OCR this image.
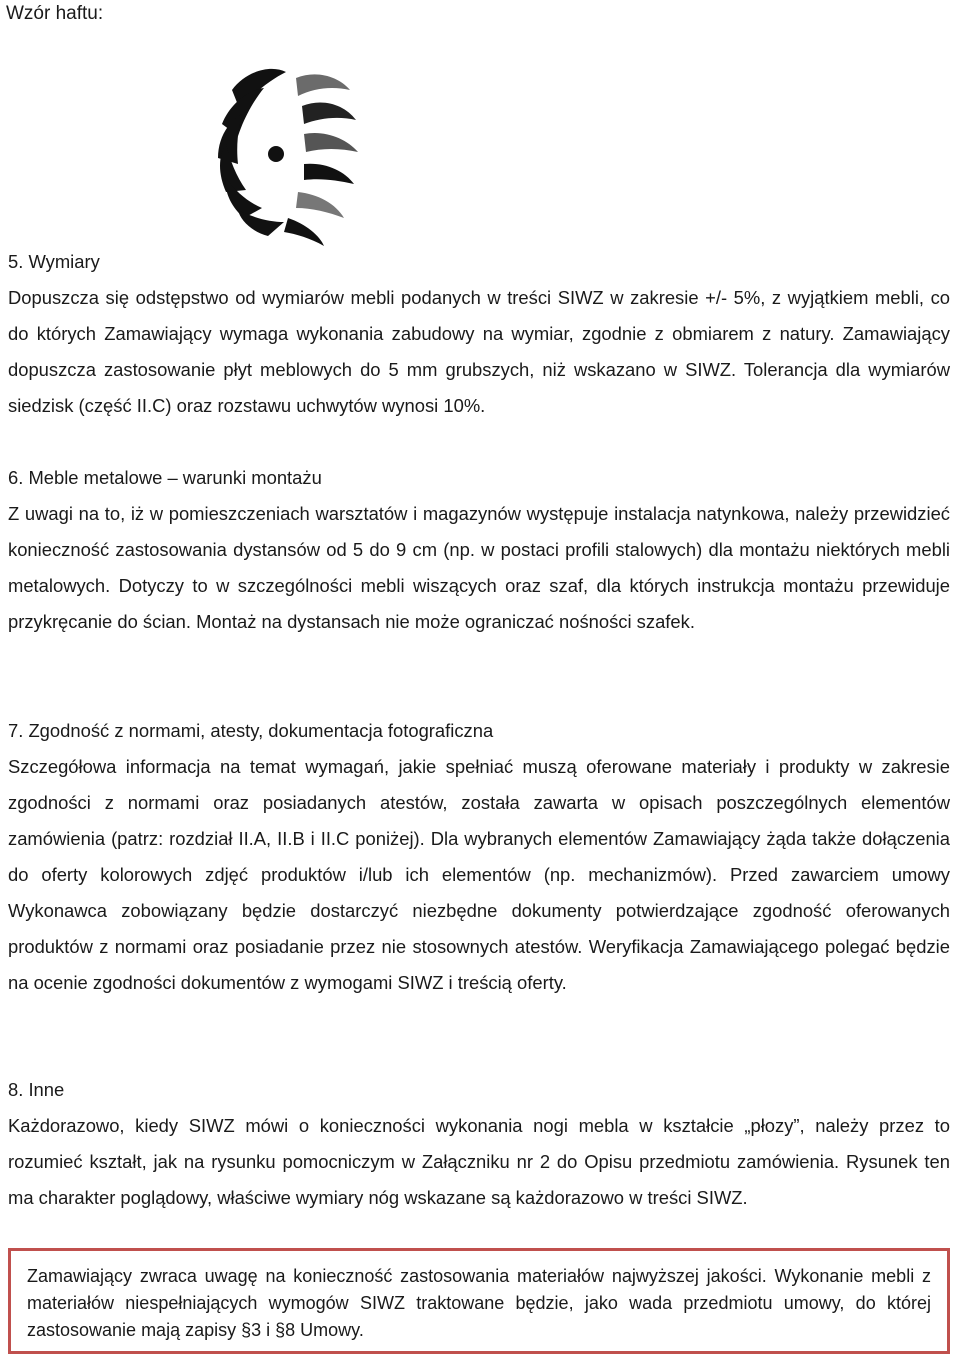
Wzór haftu:
5. Wymiary
Dopuszcza się odstępstwo od wymiarów mebli podanych w treści SIWZ w zakresie +/- 5%, z wyjątkiem mebli, co do których Zamawiający wymaga wykonania zabudowy na wymiar, zgodnie z obmiarem z natury. Zamawiający dopuszcza zastosowanie płyt meblowych do 5 mm grubszych, niż wskazano w SIWZ. Tolerancja dla wymiarów siedzisk (część II.C) oraz rozstawu uchwytów wynosi 10%.
6. Meble metalowe – warunki montażu
Z uwagi na to, iż w pomieszczeniach warsztatów i magazynów występuje instalacja natynkowa, należy przewidzieć konieczność zastosowania dystansów od 5 do 9 cm (np. w postaci profili stalowych) dla montażu niektórych mebli metalowych. Dotyczy to w szczególności mebli wiszących oraz szaf, dla których instrukcja montażu przewiduje przykręcanie do ścian. Montaż na dystansach nie może ograniczać nośności szafek.
7. Zgodność z normami, atesty, dokumentacja fotograficzna
Szczegółowa informacja na temat wymagań, jakie spełniać muszą oferowane materiały i produkty w zakresie zgodności z normami oraz posiadanych atestów, została zawarta w opisach poszczególnych elementów zamówienia (patrz: rozdział II.A, II.B i II.C poniżej). Dla wybranych elementów Zamawiający żąda także dołączenia do oferty kolorowych zdjęć produktów i/lub ich elementów (np. mechanizmów). Przed zawarciem umowy Wykonawca zobowiązany będzie dostarczyć niezbędne dokumenty potwierdzające zgodność oferowanych produktów z normami oraz posiadanie przez nie stosownych atestów. Weryfikacja Zamawiającego polegać będzie na ocenie zgodności dokumentów z wymogami SIWZ i treścią oferty.
8. Inne
Każdorazowo, kiedy SIWZ mówi o konieczności wykonania nogi mebla w kształcie „płozy”, należy przez to rozumieć kształt, jak na rysunku pomocniczym w Załączniku nr 2 do Opisu przedmiotu zamówienia. Rysunek ten ma charakter poglądowy, właściwe wymiary nóg wskazane są każdorazowo w treści SIWZ.
Zamawiający zwraca uwagę na konieczność zastosowania materiałów najwyższej jakości. Wykonanie mebli z materiałów niespełniających wymogów SIWZ traktowane będzie, jako wada przedmiotu umowy, do której zastosowanie mają zapisy §3 i §8 Umowy.
